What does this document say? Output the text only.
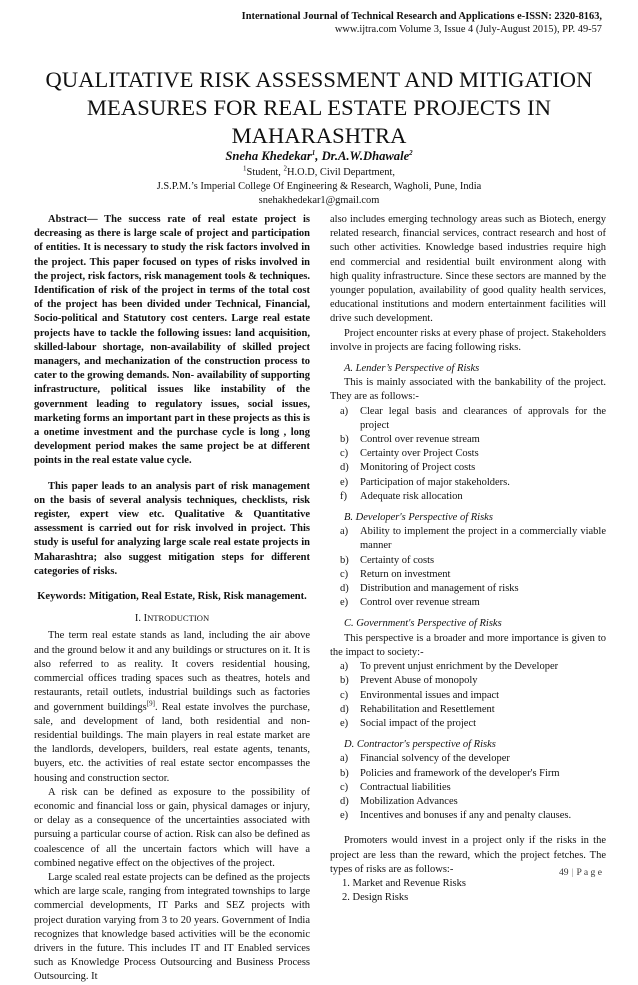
International Journal of Technical Research and Applications e-ISSN: 2320-8163,
www.ijtra.com Volume 3, Issue 4 (July-August 2015), PP. 49-57
QUALITATIVE RISK ASSESSMENT AND MITIGATION MEASURES FOR REAL ESTATE PROJECTS IN MAHARASHTRA
Sneha Khedekar$^1$, Dr.A.W.Dhawale$^2$
$^1$Student, $^2$H.O.D, Civil Department,
J.S.P.M.’s Imperial College Of Engineering & Research, Wagholi, Pune, India
snehakhedekar1@gmail.com

Abstract— The success rate of real estate project is decreasing as there is large scale of project and participation of entities. It is necessary to study the risk factors involved in the project. This paper focused on types of risks involved in the project, risk factors, risk management tools & techniques. Identification of risk of the project in terms of the total cost of the project has been divided under Technical, Financial, Socio-political and Statutory cost centers. Large real estate projects have to tackle the following issues: land acquisition, skilled-labour shortage, non-availability of skilled project managers, and mechanization of the construction process to cater to the growing demands. Non- availability of supporting infrastructure, political issues like instability of the government leading to regulatory issues, social issues, marketing forms an important part in these projects as this is a onetime investment and the purchase cycle is long , long development period makes the same project be at different points in the real estate value cycle.

This paper leads to an analysis part of risk management on the basis of several analysis techniques, checklists, risk register, expert view etc. Qualitative & Quantitative assessment is carried out for risk involved in project. This study is useful for analyzing large scale real estate projects in Maharashtra; also suggest mitigation steps for different categories of risks.

Keywords: Mitigation, Real Estate, Risk, Risk management.

I. INTRODUCTION

The term real estate stands as land, including the air above and the ground below it and any buildings or structures on it. It is also referred to as reality. It covers residential housing, commercial offices trading spaces such as theatres, hotels and restaurants, retail outlets, industrial buildings such as factories and government buildings[9]. Real estate involves the purchase, sale, and development of land, both residential and non-residential buildings. The main players in real estate market are the landlords, developers, builders, real estate agents, tenants, buyers, etc. the activities of real estate sector encompasses the housing and construction sector.

A risk can be defined as exposure to the possibility of economic and financial loss or gain, physical damages or injury, or delay as a consequence of the uncertainties associated with pursuing a particular course of action. Risk can also be defined as coalescence of all the uncertain factors which will have a combined negative effect on the objectives of the project.

Large scaled real estate projects can be defined as the projects which are large scale, ranging from integrated townships to large commercial developments, IT Parks and SEZ projects with project duration varying from 3 to 20 years. Government of India recognizes that knowledge based activities will be the economic drivers in the future. This includes IT and IT Enabled services such as Knowledge Process Outsourcing and Business Process Outsourcing. It

also includes emerging technology areas such as Biotech, energy related research, financial services, contract research and host of such other activities. Knowledge based industries require high end commercial and residential built environment along with high quality infrastructure. Since these sectors are manned by the younger population, availability of good quality health services, educational institutions and modern entertainment facilities will drive such development.

Project encounter risks at every phase of project. Stakeholders involve in projects are facing following risks.

A. Lender’s Perspective of Risks

This is mainly associated with the bankability of the project. They are as follows:-

a) Clear legal basis and clearances of approvals for the project
b) Control over revenue stream
c) Certainty over Project Costs
d) Monitoring of Project costs
e) Participation of major stakeholders.
f) Adequate risk allocation

B. Developer's Perspective of Risks

a) Ability to implement the project in a commercially viable manner
b) Certainty of costs
c) Return on investment
d) Distribution and management of risks
e) Control over revenue stream

C. Government's Perspective of Risks

This perspective is a broader and more importance is given to the impact to society:-

a) To prevent unjust enrichment by the Developer
b) Prevent Abuse of monopoly
c) Environmental issues and impact
d) Rehabilitation and Resettlement
e) Social impact of the project

D. Contractor's perspective of Risks

a) Financial solvency of the developer
b) Policies and framework of the developer's Firm
c) Contractual liabilities
d) Mobilization Advances
e) Incentives and bonuses if any and penalty clauses.

Promoters would invest in a project only if the risks in the project are less than the reward, which the project fetches. The types of risks are as follows:-

1. Market and Revenue Risks
2. Design Risks
49 | P a g e
